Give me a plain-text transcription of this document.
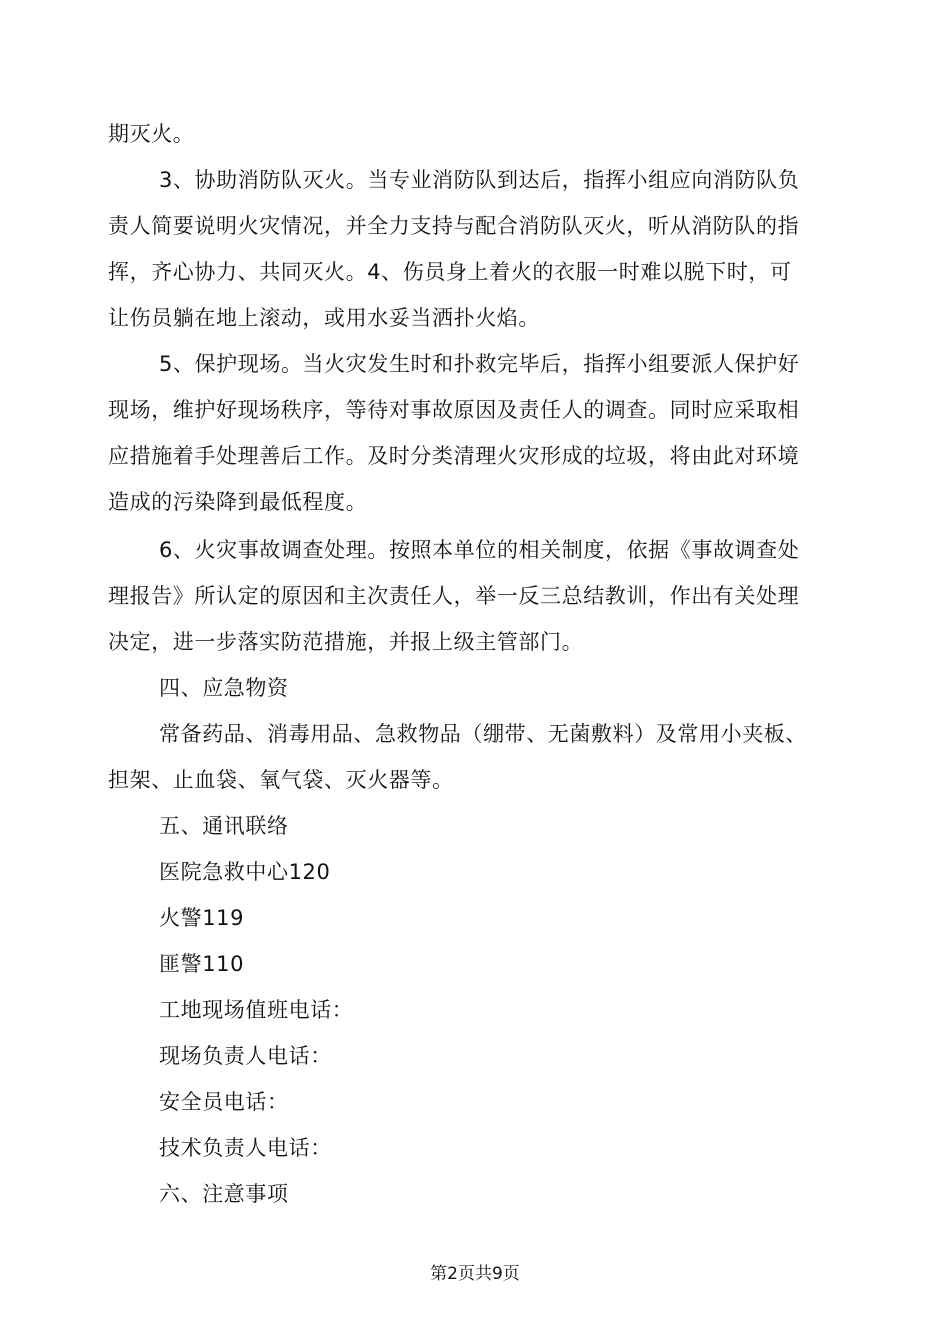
期灭火。
3、协助消防队灭火。当专业消防队到达后，指挥小组应向消防队负
责人简要说明火灾情况，并全力支持与配合消防队灭火，听从消防队的指
挥，齐心协力、共同灭火。4、伤员身上着火的衣服一时难以脱下时，可
让伤员躺在地上滚动，或用水妥当洒扑火焰。
5、保护现场。当火灾发生时和扑救完毕后，指挥小组要派人保护好
现场，维护好现场秩序，等待对事故原因及责任人的调查。同时应采取相
应措施着手处理善后工作。及时分类清理火灾形成的垃圾，将由此对环境
造成的污染降到最低程度。
6、火灾事故调查处理。按照本单位的相关制度，依据《事故调查处
理报告》所认定的原因和主次责任人，举一反三总结教训，作出有关处理
决定，进一步落实防范措施，并报上级主管部门。
四、应急物资
常备药品、消毒用品、急救物品（绷带、无菌敷料）及常用小夹板、
担架、止血袋、氧气袋、灭火器等。
五、通讯联络
医院急救中心120
火警119
匪警110
工地现场值班电话：
现场负责人电话：
安全员电话：
技术负责人电话：
六、注意事项
第2页共9页
